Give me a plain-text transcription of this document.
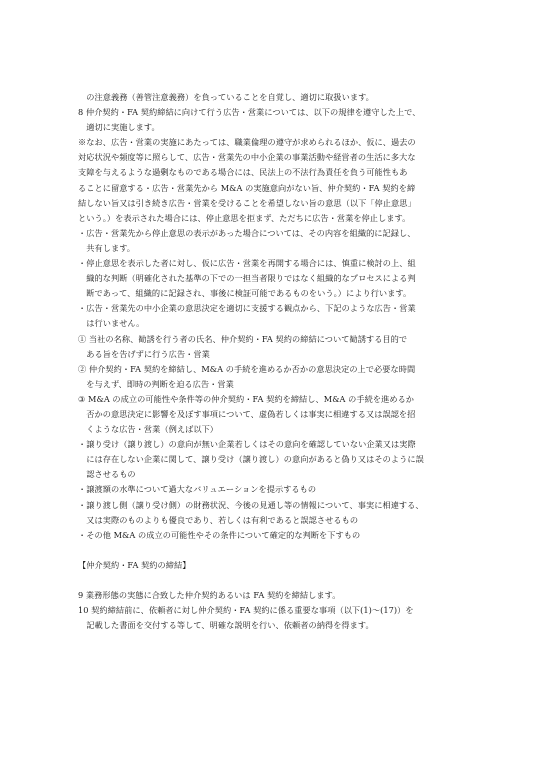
　の注意義務（善管注意義務）を負っていることを自覚し、適切に取扱います。
8 仲介契約・FA 契約締結に向けて行う広告・営業については、以下の規律を遵守した上で、
　適切に実施します。
※なお、広告・営業の実施にあたっては、職業倫理の遵守が求められるほか、仮に、過去の
対応状況や頻度等に照らして、広告・営業先の中小企業の事業活動や経営者の生活に多大な
支障を与えるような過剰なものである場合には、民法上の不法行為責任を負う可能性もあ
ることに留意する・広告・営業先から M&A の実施意向がない旨、仲介契約・FA 契約を締
結しない旨又は引き続き広告・営業を受けることを希望しない旨の意思（以下「停止意思」
という。）を表示された場合には、停止意思を拒まず、ただちに広告・営業を停止します。
・広告・営業先から停止意思の表示があった場合については、その内容を組織的に記録し、
　共有します。
・停止意思を表示した者に対し、仮に広告・営業を再開する場合には、慎重に検討の上、組
　織的な判断（明確化された基準の下での一担当者限りではなく組織的なプロセスによる判
　断であって、組織的に記録され、事後に検証可能であるものをいう。）により行います。
・広告・営業先の中小企業の意思決定を適切に支援する観点から、下記のような広告・営業
　は行いません。
① 当社の名称、勧誘を行う者の氏名、仲介契約・FA 契約の締結について勧誘する目的で
　ある旨を告げずに行う広告・営業
② 仲介契約・FA 契約を締結し、M&A の手続を進めるか否かの意思決定の上で必要な時間
　を与えず、即時の判断を迫る広告・営業
③ M&A の成立の可能性や条件等の仲介契約・FA 契約を締結し、M&A の手続を進めるか
　否かの意思決定に影響を及ぼす事項について、虚偽若しくは事実に相違する又は誤認を招
　くような広告・営業（例えば以下）
・譲り受け（譲り渡し）の意向が無い企業若しくはその意向を確認していない企業又は実際
　には存在しない企業に関して、譲り受け（譲り渡し）の意向があると偽り又はそのように誤
　認させるもの
・譲渡額の水準について過大なバリュエーションを提示するもの
・譲り渡し側（譲り受け側）の財務状況、今後の見通し等の情報について、事実に相違する、
　又は実際のものよりも優良であり、若しくは有利であると誤認させるもの
・その他 M&A の成立の可能性やその条件について確定的な判断を下すもの
【仲介契約・FA 契約の締結】
9 業務形態の実態に合致した仲介契約あるいは FA 契約を締結します。
10 契約締結前に、依頼者に対し仲介契約・FA 契約に係る重要な事項（以下(1)～(17)）を
　記載した書面を交付する等して、明確な説明を行い、依頼者の納得を得ます。
